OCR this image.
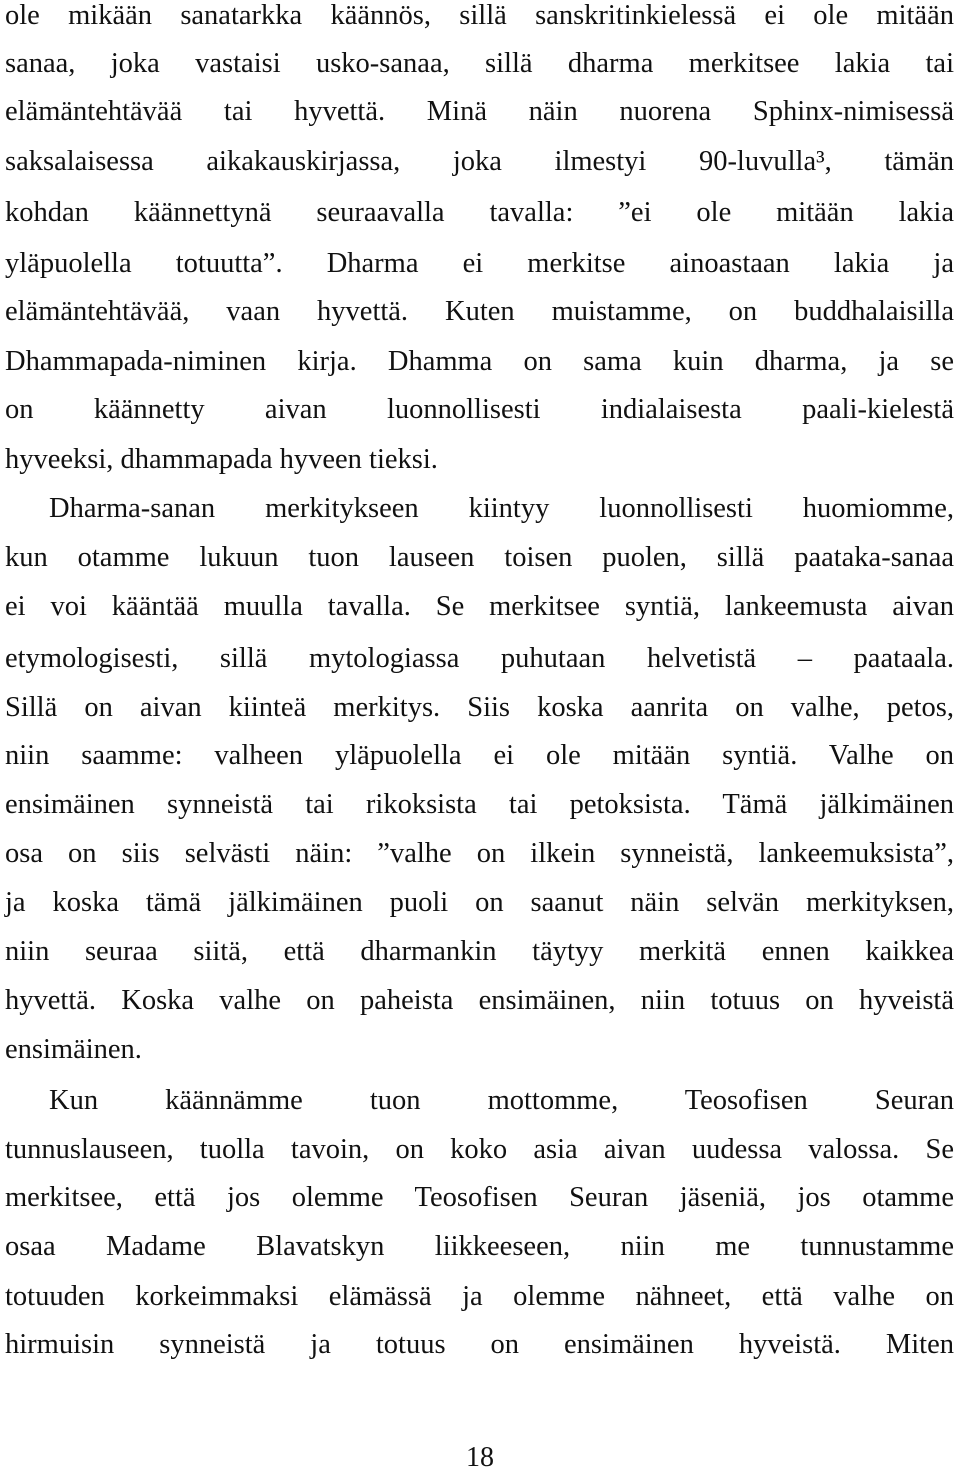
ole mikään sanatarkka käännös, sillä sanskritinkielessä ei ole mitään
sanaa, joka vastaisi usko-sanaa, sillä dharma merkitsee lakia tai
elämäntehtävää tai hyvettä. Minä näin nuorena Sphinx-nimisessä
saksalaisessa aikakauskirjassa, joka ilmestyi 90-luvulla³, tämän
kohdan käännettynä seuraavalla tavalla: ”ei ole mitään lakia
yläpuolella totuutta”. Dharma ei merkitse ainoastaan lakia ja
elämäntehtävää, vaan hyvettä. Kuten muistamme, on buddhalaisilla
Dhammapada-niminen kirja. Dhamma on sama kuin dharma, ja se
on käännetty aivan luonnollisesti indialaisesta paali-kielestä
hyveeksi, dhammapada hyveen tieksi.
Dharma-sanan merkitykseen kiintyy luonnollisesti huomiomme,
kun otamme lukuun tuon lauseen toisen puolen, sillä paataka-sanaa
ei voi kääntää muulla tavalla. Se merkitsee syntiä, lankeemusta aivan
etymologisesti, sillä mytologiassa puhutaan helvetistä – paataala.
Sillä on aivan kiinteä merkitys. Siis koska aanrita on valhe, petos,
niin saamme: valheen yläpuolella ei ole mitään syntiä. Valhe on
ensimäinen synneistä tai rikoksista tai petoksista. Tämä jälkimäinen
osa on siis selvästi näin: ”valhe on ilkein synneistä, lankeemuksista”,
ja koska tämä jälkimäinen puoli on saanut näin selvän merkityksen,
niin seuraa siitä, että dharmankin täytyy merkitä ennen kaikkea
hyvettä. Koska valhe on paheista ensimäinen, niin totuus on hyveistä
ensimäinen.
Kun käännämme tuon mottomme, Teosofisen Seuran
tunnuslauseen, tuolla tavoin, on koko asia aivan uudessa valossa. Se
merkitsee, että jos olemme Teosofisen Seuran jäseniä, jos otamme
osaa Madame Blavatskyn liikkeeseen, niin me tunnustamme
totuuden korkeimmaksi elämässä ja olemme nähneet, että valhe on
hirmuisin synneistä ja totuus on ensimäinen hyveistä. Miten
18
